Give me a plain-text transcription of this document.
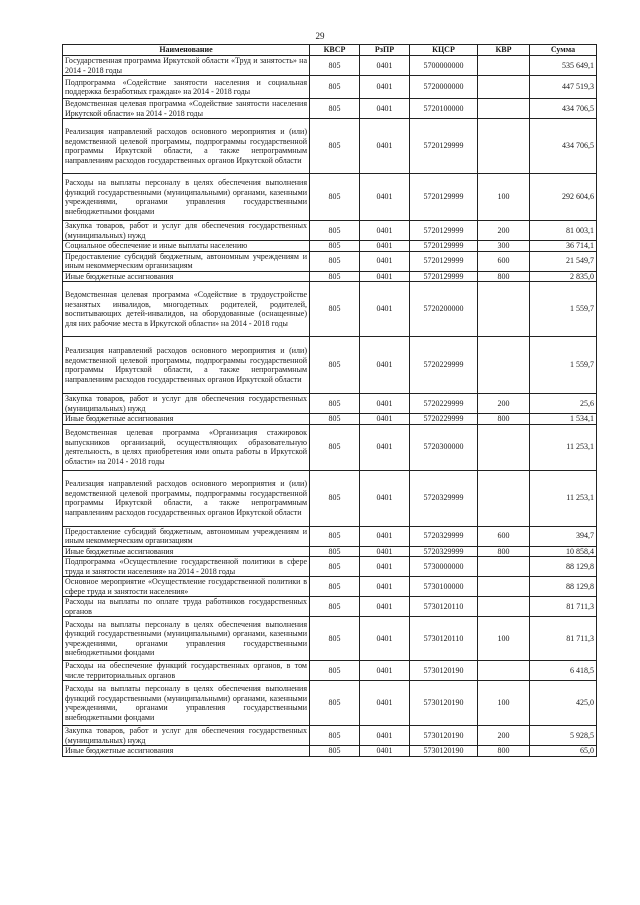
29
Наименование	КВСР	РзПР	КЦСР	КВР	Сумма
Государственная программа Иркутской области «Труд и занятость» на 2014 - 2018 годы	805	0401	5700000000		535 649,1
Подпрограмма «Содействие занятости населения и социальная поддержка безработных граждан» на 2014 - 2018 годы	805	0401	5720000000		447 519,3
Ведомственная целевая программа «Содействие занятости населения Иркутской области» на 2014 - 2018 годы	805	0401	5720100000		434 706,5
Реализация направлений расходов основного мероприятия и (или) ведомственной целевой программы, подпрограммы государственной программы Иркутской области, а также непрограммным направлениям расходов государственных органов Иркутской области	805	0401	5720129999		434 706,5
Расходы на выплаты персоналу в целях обеспечения выполнения функций государственными (муниципальными) органами, казенными учреждениями, органами управления государственными внебюджетными фондами	805	0401	5720129999	100	292 604,6
Закупка товаров, работ и услуг для обеспечения государственных (муниципальных) нужд	805	0401	5720129999	200	81 003,1
Социальное обеспечение и иные выплаты населению	805	0401	5720129999	300	36 714,1
Предоставление субсидий бюджетным, автономным учреждениям и иным некоммерческим организациям	805	0401	5720129999	600	21 549,7
Иные бюджетные ассигнования	805	0401	5720129999	800	2 835,0
Ведомственная целевая программа «Содействие в трудоустройстве незанятых инвалидов, многодетных родителей, родителей, воспитывающих детей-инвалидов, на оборудованные (оснащенные) для них рабочие места в Иркутской области» на 2014 - 2018 годы	805	0401	5720200000		1 559,7
Реализация направлений расходов основного мероприятия и (или) ведомственной целевой программы, подпрограммы государственной программы Иркутской области, а также непрограммным направлениям расходов государственных органов Иркутской области	805	0401	5720229999		1 559,7
Закупка товаров, работ и услуг для обеспечения государственных (муниципальных) нужд	805	0401	5720229999	200	25,6
Иные бюджетные ассигнования	805	0401	5720229999	800	1 534,1
Ведомственная целевая программа «Организация стажировок выпускников организаций, осуществляющих образовательную деятельность, в целях приобретения ими опыта работы в Иркутской области» на 2014 - 2018 годы	805	0401	5720300000		11 253,1
Реализация направлений расходов основного мероприятия и (или) ведомственной целевой программы, подпрограммы государственной программы Иркутской области, а также непрограммным направлениям расходов государственных органов Иркутской области	805	0401	5720329999		11 253,1
Предоставление субсидий бюджетным, автономным учреждениям и иным некоммерческим организациям	805	0401	5720329999	600	394,7
Иные бюджетные ассигнования	805	0401	5720329999	800	10 858,4
Подпрограмма «Осуществление государственной политики в сфере труда и занятости населения» на 2014 - 2018 годы	805	0401	5730000000		88 129,8
Основное мероприятие «Осуществление государственной политики в сфере труда и занятости населения»	805	0401	5730100000		88 129,8
Расходы на выплаты по оплате труда работников государственных органов	805	0401	5730120110		81 711,3
Расходы на выплаты персоналу в целях обеспечения выполнения функций государственными (муниципальными) органами, казенными учреждениями, органами управления государственными внебюджетными фондами	805	0401	5730120110	100	81 711,3
Расходы на обеспечение функций государственных органов, в том числе территориальных органов	805	0401	5730120190		6 418,5
Расходы на выплаты персоналу в целях обеспечения выполнения функций государственными (муниципальными) органами, казенными учреждениями, органами управления государственными внебюджетными фондами	805	0401	5730120190	100	425,0
Закупка товаров, работ и услуг для обеспечения государственных (муниципальных) нужд	805	0401	5730120190	200	5 928,5
Иные бюджетные ассигнования	805	0401	5730120190	800	65,0
